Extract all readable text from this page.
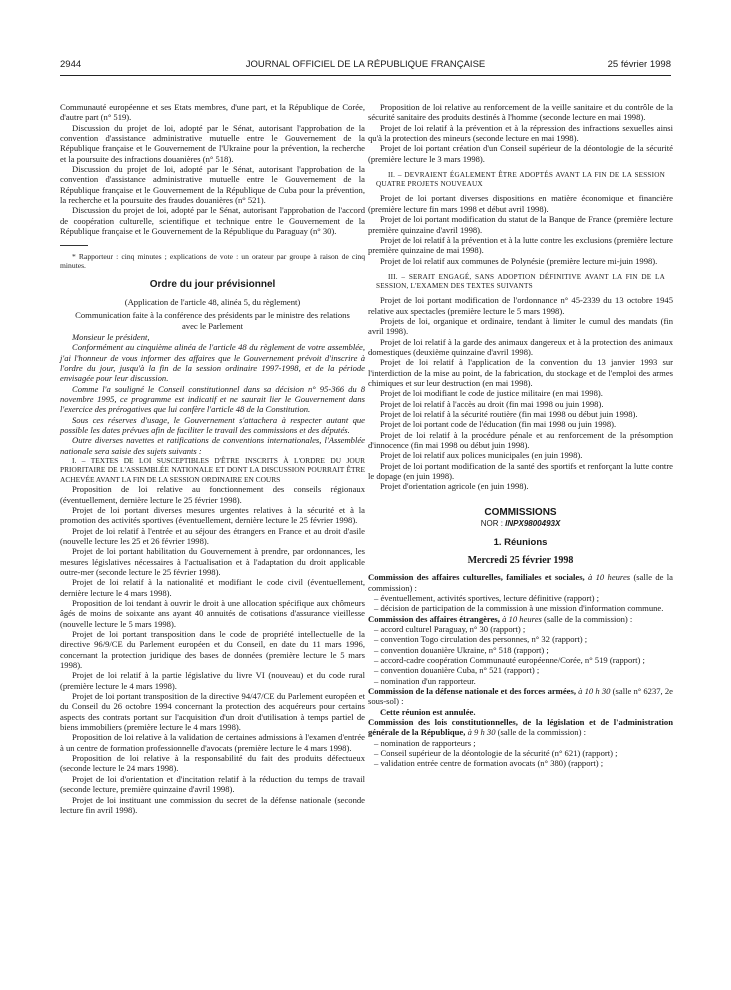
2944	JOURNAL OFFICIEL DE LA RÉPUBLIQUE FRANÇAISE	25 février 1998

Communauté européenne et ses Etats membres, d'une part, et la République de Corée, d'autre part (n° 519).

Discussion du projet de loi, adopté par le Sénat, autorisant l'approbation de la convention d'assistance administrative mutuelle entre le Gouvernement de la République française et le Gouvernement de l'Ukraine pour la prévention, la recherche et la poursuite des infractions douanières (n° 518).

Discussion du projet de loi, adopté par le Sénat, autorisant l'approbation de la convention d'assistance administrative mutuelle entre le Gouvernement de la République française et le Gouvernement de la République de Cuba pour la prévention, la recherche et la poursuite des fraudes douanières (n° 521).

Discussion du projet de loi, adopté par le Sénat, autorisant l'approbation de l'accord de coopération culturelle, scientifique et technique entre le Gouvernement de la République française et le Gouvernement de la République du Paraguay (n° 30).

* Rapporteur : cinq minutes ; explications de vote : un orateur par groupe à raison de cinq minutes.

Ordre du jour prévisionnel

(Application de l'article 48, alinéa 5, du règlement)

Communication faite à la conférence des présidents par le ministre des relations avec le Parlement

Monsieur le président,

Conformément au cinquième alinéa de l'article 48 du règlement de votre assemblée, j'ai l'honneur de vous informer des affaires que le Gouvernement prévoit d'inscrire à l'ordre du jour, jusqu'à la fin de la session ordinaire 1997-1998, et de la période envisagée pour leur discussion.

Comme l'a souligné le Conseil constitutionnel dans sa décision n° 95-366 du 8 novembre 1995, ce programme est indicatif et ne saurait lier le Gouvernement dans l'exercice des prérogatives que lui confère l'article 48 de la Constitution.

Sous ces réserves d'usage, le Gouvernement s'attachera à respecter autant que possible les dates prévues afin de faciliter le travail des commissions et des députés.

Outre diverses navettes et ratifications de conventions internationales, l'Assemblée nationale sera saisie des sujets suivants :

I. – TEXTES DE LOI SUSCEPTIBLES D'ÊTRE INSCRITS À L'ORDRE DU JOUR PRIORITAIRE DE L'ASSEMBLÉE NATIONALE ET DONT LA DISCUSSION POURRAIT ÊTRE ACHEVÉE AVANT LA FIN DE LA SESSION ORDINAIRE EN COURS

Proposition de loi relative au fonctionnement des conseils régionaux (éventuellement, dernière lecture le 25 février 1998).

Projet de loi portant diverses mesures urgentes relatives à la sécurité et à la promotion des activités sportives (éventuellement, dernière lecture le 25 février 1998).

Projet de loi relatif à l'entrée et au séjour des étrangers en France et au droit d'asile (nouvelle lecture les 25 et 26 février 1998).

Projet de loi portant habilitation du Gouvernement à prendre, par ordonnances, les mesures législatives nécessaires à l'actualisation et à l'adaptation du droit applicable outre-mer (seconde lecture le 25 février 1998).

Projet de loi relatif à la nationalité et modifiant le code civil (éventuellement, dernière lecture le 4 mars 1998).

Proposition de loi tendant à ouvrir le droit à une allocation spécifique aux chômeurs âgés de moins de soixante ans ayant 40 annuités de cotisations d'assurance vieillesse (nouvelle lecture le 5 mars 1998).

Projet de loi portant transposition dans le code de propriété intellectuelle de la directive 96/9/CE du Parlement européen et du Conseil, en date du 11 mars 1996, concernant la protection juridique des bases de données (première lecture le 5 mars 1998).

Projet de loi relatif à la partie législative du livre VI (nouveau) et du code rural (première lecture le 4 mars 1998).

Projet de loi portant transposition de la directive 94/47/CE du Parlement européen et du Conseil du 26 octobre 1994 concernant la protection des acquéreurs pour certains aspects des contrats portant sur l'acquisition d'un droit d'utilisation à temps partiel de biens immobiliers (première lecture le 4 mars 1998).

Proposition de loi relative à la validation de certaines admissions à l'examen d'entrée à un centre de formation professionnelle d'avocats (première lecture le 4 mars 1998).

Proposition de loi relative à la responsabilité du fait des produits défectueux (seconde lecture le 24 mars 1998).

Projet de loi d'orientation et d'incitation relatif à la réduction du temps de travail (seconde lecture, première quinzaine d'avril 1998).

Projet de loi instituant une commission du secret de la défense nationale (seconde lecture fin avril 1998).

Proposition de loi relative au renforcement de la veille sanitaire et du contrôle de la sécurité sanitaire des produits destinés à l'homme (seconde lecture en mai 1998).

Projet de loi relatif à la prévention et à la répression des infractions sexuelles ainsi qu'à la protection des mineurs (seconde lecture en mai 1998).

Projet de loi portant création d'un Conseil supérieur de la déontologie de la sécurité (première lecture le 3 mars 1998).

II. – DEVRAIENT ÉGALEMENT ÊTRE ADOPTÉS AVANT LA FIN DE LA SESSION QUATRE PROJETS NOUVEAUX

Projet de loi portant diverses dispositions en matière économique et financière (première lecture fin mars 1998 et début avril 1998).

Projet de loi portant modification du statut de la Banque de France (première lecture première quinzaine d'avril 1998).

Projet de loi relatif à la prévention et à la lutte contre les exclusions (première lecture première quinzaine de mai 1998).

Projet de loi relatif aux communes de Polynésie (première lecture mi-juin 1998).

III. – SERAIT ENGAGÉ, SANS ADOPTION DÉFINITIVE AVANT LA FIN DE LA SESSION, L'EXAMEN DES TEXTES SUIVANTS

Projet de loi portant modification de l'ordonnance n° 45-2339 du 13 octobre 1945 relative aux spectacles (première lecture le 5 mars 1998).

Projets de loi, organique et ordinaire, tendant à limiter le cumul des mandats (fin avril 1998).

Projet de loi relatif à la garde des animaux dangereux et à la protection des animaux domestiques (deuxième quinzaine d'avril 1998).

Projet de loi relatif à l'application de la convention du 13 janvier 1993 sur l'interdiction de la mise au point, de la fabrication, du stockage et de l'emploi des armes chimiques et sur leur destruction (en mai 1998).

Projet de loi modifiant le code de justice militaire (en mai 1998).

Projet de loi relatif à l'accès au droit (fin mai 1998 ou juin 1998).

Projet de loi relatif à la sécurité routière (fin mai 1998 ou début juin 1998).

Projet de loi portant code de l'éducation (fin mai 1998 ou juin 1998).

Projet de loi relatif à la procédure pénale et au renforcement de la présomption d'innocence (fin mai 1998 ou début juin 1998).

Projet de loi relatif aux polices municipales (en juin 1998).

Projet de loi portant modification de la santé des sportifs et renforçant la lutte contre le dopage (en juin 1998).

Projet d'orientation agricole (en juin 1998).

COMMISSIONS
NOR : INPX9800493X
1. Réunions
Mercredi 25 février 1998

Commission des affaires culturelles, familiales et sociales, à 10 heures (salle de la commission) :

– éventuellement, activités sportives, lecture définitive (rapport) ;

– décision de participation de la commission à une mission d'information commune.

Commission des affaires étrangères, à 10 heures (salle de la commission) :

– accord culturel Paraguay, n° 30 (rapport) ;

– convention Togo circulation des personnes, n° 32 (rapport) ;

– convention douanière Ukraine, n° 518 (rapport) ;

– accord-cadre coopération Communauté européenne/Corée, n° 519 (rapport) ;

– convention douanière Cuba, n° 521 (rapport) ;

– nomination d'un rapporteur.

Commission de la défense nationale et des forces armées, à 10 h 30 (salle n° 6237, 2e sous-sol) :

Cette réunion est annulée.

Commission des lois constitutionnelles, de la législation et de l'administration générale de la République, à 9 h 30 (salle de la commission) :

– nomination de rapporteurs ;

– Conseil supérieur de la déontologie de la sécurité (n° 621) (rapport) ;

– validation entrée centre de formation avocats (n° 380) (rapport) ;
